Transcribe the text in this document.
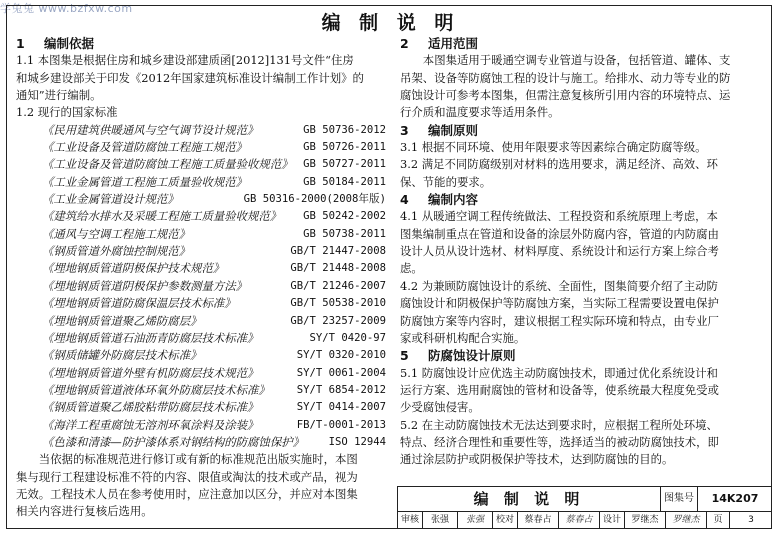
学兔兔 www.bzfxw.com
编 制 说 明
1 编制依据
1.1 本图集是根据住房和城乡建设部建质函[2012]131号文件“住房
和城乡建设部关于印发《2012年国家建筑标准设计编制工作计划》的
通知”进行编制。
1.2 现行的国家标准
《民用建筑供暖通风与空气调节设计规范》	GB 50736-2012
《工业设备及管道防腐蚀工程施工规范》	GB 50726-2011
《工业设备及管道防腐蚀工程施工质量验收规范》 GB 50727-2011
《工业金属管道工程施工质量验收规范》	GB 50184-2011
《工业金属管道设计规范》	GB 50316-2000(2008年版)
《建筑给水排水及采暖工程施工质量验收规范》	GB 50242-2002
《通风与空调工程施工规范》	GB 50738-2011
《钢质管道外腐蚀控制规范》	GB/T 21447-2008
《埋地钢质管道阴极保护技术规范》	GB/T 21448-2008
《埋地钢质管道阴极保护参数测量方法》	GB/T 21246-2007
《埋地钢质管道防腐保温层技术标准》	GB/T 50538-2010
《埋地钢质管道聚乙烯防腐层》	GB/T 23257-2009
《埋地钢质管道石油沥青防腐层技术标准》	SY/T 0420-97
《钢质储罐外防腐层技术标准》	SY/T 0320-2010
《埋地钢质管道外壁有机防腐层技术规范》	SY/T 0061-2004
《埋地钢质管道液体环氧外防腐层技术标准》	SY/T 6854-2012
《钢质管道聚乙烯胶粘带防腐层技术标准》	SY/T 0414-2007
《海洋工程重腐蚀无溶剂环氧涂料及涂装》	FB/T-0001-2013
《色漆和清漆—防护漆体系对钢结构的防腐蚀保护》	ISO 12944
当依据的标准规范进行修订或有新的标准规范出版实施时，本图
集与现行工程建设标准不符的内容、限值或淘汰的技术或产品，视为
无效。工程技术人员在参考使用时，应注意加以区分，并应对本图集
相关内容进行复核后选用。
2 适用范围
本图集适用于暖通空调专业管道与设备，包括管道、罐体、支
吊架、设备等防腐蚀工程的设计与施工。给排水、动力等专业的防
腐蚀设计可参考本图集，但需注意复核所引用内容的环境特点、运
行介质和温度要求等适用条件。
3 编制原则
3.1 根据不同环境、使用年限要求等因素综合确定防腐等级。
3.2 满足不同防腐级别对材料的选用要求，满足经济、高效、环
保、节能的要求。
4 编制内容
4.1 从暖通空调工程传统做法、工程投资和系统原理上考虑，本
图集编制重点在管道和设备的涂层外防腐内容，管道的内防腐由
设计人员从设计选材、材料厚度、系统设计和运行方案上综合考
虑。
4.2 为兼顾防腐蚀设计的系统、全面性，图集简要介绍了主动防
腐蚀设计和阴极保护等防腐蚀方案，当实际工程需要设置电保护
防腐蚀方案等内容时，建议根据工程实际环境和特点，由专业厂
家或科研机构配合实施。
5 防腐蚀设计原则
5.1 防腐蚀设计应优选主动防腐蚀技术，即通过优化系统设计和
运行方案、选用耐腐蚀的管材和设备等，使系统最大程度免受或
少受腐蚀侵害。
5.2 在主动防腐蚀技术无法达到要求时，应根据工程所处环境、
特点、经济合理性和重要性等，选择适当的被动防腐蚀技术，即
通过涂层防护或阴极保护等技术，达到防腐蚀的目的。
编 制 说 明	图集号	14K207
审核	张强	张强	校对	蔡春占	蔡春占	设计	罗继杰	罗继杰	页	3
